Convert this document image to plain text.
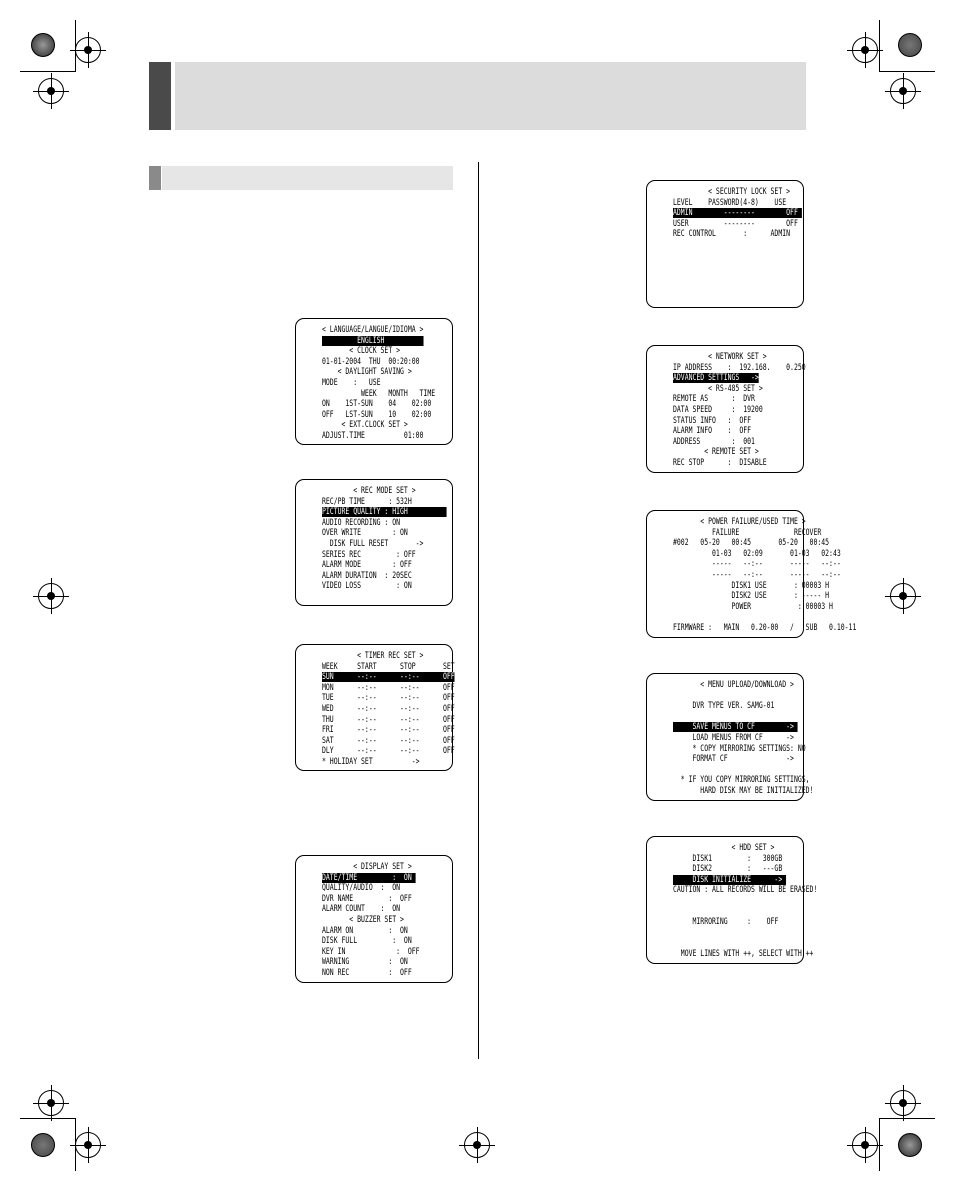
< LANGUAGE/LANGUE/IDIOMA >
ENGLISH
< CLOCK SET >
01-01-2004  THU  00:20:00
< DAYLIGHT SAVING >
MODE    :   USE
WEEK   MONTH   TIME
ON    1ST-SUN    04    02:00
OFF   LST-SUN    10    02:00
< EXT.CLOCK SET >
ADJUST.TIME          01:00
< REC MODE SET >
REC/PB TIME      : 532H
PICTURE QUALITY : HIGH
AUDIO RECORDING : ON
OVER WRITE        : ON
DISK FULL RESET       ->
SERIES REC         : OFF
ALARM MODE        : OFF
ALARM DURATION  : 20SEC
VIDEO LOSS         : ON
< TIMER REC SET >
WEEK     START      STOP       SET
SUN      --:--      --:--      OFF
MON      --:--      --:--      OFF
TUE      --:--      --:--      OFF
WED      --:--      --:--      OFF
THU      --:--      --:--      OFF
FRI      --:--      --:--      OFF
SAT      --:--      --:--      OFF
DLY      --:--      --:--      OFF
* HOLIDAY SET          ->
< DISPLAY SET >
DATE/TIME         :  ON
QUALITY/AUDIO  :  ON
DVR NAME         :  OFF
ALARM COUNT    :  ON
< BUZZER SET >
ALARM ON         :  ON
DISK FULL         :  ON
KEY IN             :  OFF
WARNING          :  ON
NON REC          :  OFF
< SECURITY LOCK SET >
LEVEL    PASSWORD(4-8)    USE
ADMIN        --------        OFF
USER         --------        OFF
REC CONTROL       :      ADMIN
< NETWORK SET >
IP ADDRESS    :  192.168.    0.250
ADVANCED SETTINGS   ->
< RS-485 SET >
REMOTE AS      :  DVR
DATA SPEED     :  19200
STATUS INFO   :  OFF
ALARM INFO    :  OFF
ADDRESS        :  001
< REMOTE SET >
REC STOP      :  DISABLE
< POWER FAILURE/USED TIME >
FAILURE              RECOVER
#002   05-20   00:45       05-20   00:45
01-03   02:09       01-03   02:43
-----   --:--       -----   --:--
-----   --:--       -----   --:--
DISK1 USE       : 00003 H
DISK2 USE       : ----- H
POWER            : 00003 H
FIRMWARE :   MAIN   0.20-00   /   SUB   0.10-11
< MENU UPLOAD/DOWNLOAD >
DVR TYPE VER. SAMG-01
SAVE MENUS TO CF        ->
LOAD MENUS FROM CF      ->
* COPY MIRRORING SETTINGS: NO
FORMAT CF               ->
* IF YOU COPY MIRRORING SETTINGS,
HARD DISK MAY BE INITIALIZED!
< HDD SET >
DISK1         :   300GB
DISK2         :   ---GB
DISK INITIALIZE      ->
CAUTION : ALL RECORDS WILL BE ERASED!
MIRRORING     :    OFF
MOVE LINES WITH ++, SELECT WITH ++
